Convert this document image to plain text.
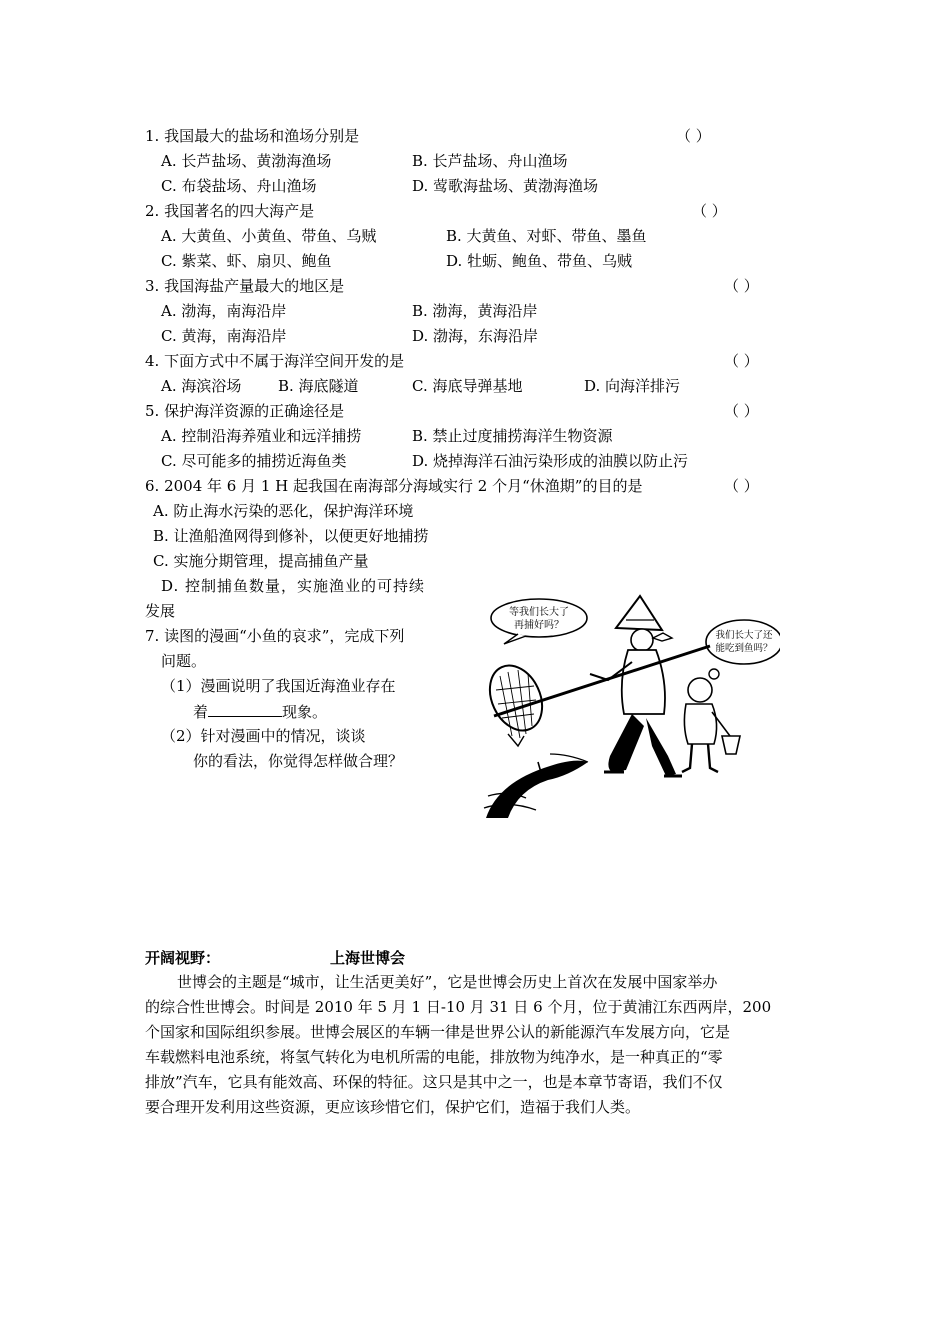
1. 我国最大的盐场和渔场分别是	（ ）
A. 长芦盐场、黄渤海渔场	B. 长芦盐场、舟山渔场
C. 布袋盐场、舟山渔场	D. 莺歌海盐场、黄渤海渔场
2. 我国著名的四大海产是	（ ）
A. 大黄鱼、小黄鱼、带鱼、乌贼	B. 大黄鱼、对虾、带鱼、墨鱼
C. 紫菜、虾、扇贝、鲍鱼	D. 牡蛎、鲍鱼、带鱼、乌贼
3. 我国海盐产量最大的地区是	（ ）
A. 渤海，南海沿岸	B. 渤海，黄海沿岸
C. 黄海，南海沿岸	D. 渤海，东海沿岸
4. 下面方式中不属于海洋空间开发的是	（ ）
A. 海滨浴场 B. 海底隧道	C. 海底导弹基地	D. 向海洋排污
5. 保护海洋资源的正确途径是	（ ）
A. 控制沿海养殖业和远洋捕捞	B. 禁止过度捕捞海洋生物资源
C. 尽可能多的捕捞近海鱼类	D. 烧掉海洋石油污染形成的油膜以防止污
6. 2004 年 6 月 1 H 起我国在南海部分海域实行 2 个月“休渔期”的目的是	（ ）
A. 防止海水污染的恶化，保护海洋环境
B. 让渔船渔网得到修补，以便更好地捕捞
C. 实施分期管理，提高捕鱼产量
D. 控制捕鱼数量，实施渔业的可持续
发展
7. 读图的漫画“小鱼的哀求”，完成下列
问题。
（1）漫画说明了我国近海渔业存在
着	现象。
（2）针对漫画中的情况，谈谈
你的看法，你觉得怎样做合理？
等我们长大了
再捕好吗？
我们长大了还
能吃到鱼吗？
开阔视野：	上海世博会
世博会的主题是“城市，让生活更美好”，它是世博会历史上首次在发展中国家举办
的综合性世博会。时间是 2010 年 5 月 1 日-10 月 31 日 6 个月，位于黄浦江东西两岸，200
个国家和国际组织参展。世博会展区的车辆一律是世界公认的新能源汽车发展方向，它是
车载燃料电池系统，将氢气转化为电机所需的电能，排放物为纯净水，是一种真正的“零
排放”汽车，它具有能效高、环保的特征。这只是其中之一，也是本章节寄语，我们不仅
要合理开发利用这些资源，更应该珍惜它们，保护它们，造福于我们人类。
